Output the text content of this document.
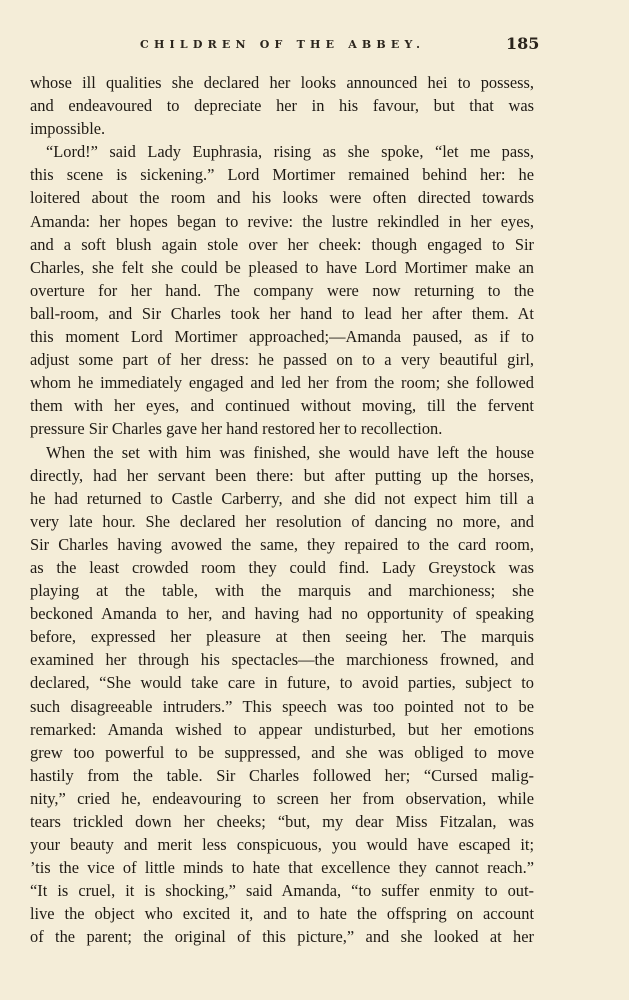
CHILDREN OF THE ABBEY.	185
whose ill qualities she declared her looks announced hei to possess,
and endeavoured to depreciate her in his favour, but that was
impossible.
“Lord!” said Lady Euphrasia, rising as she spoke, “let me pass,
this scene is sickening.” Lord Mortimer remained behind her: he
loitered about the room and his looks were often directed towards
Amanda: her hopes began to revive: the lustre rekindled in her eyes,
and a soft blush again stole over her cheek: though engaged to Sir
Charles, she felt she could be pleased to have Lord Mortimer make an
overture for her hand. The company were now returning to the
ball-room, and Sir Charles took her hand to lead her after them. At
this moment Lord Mortimer approached;—Amanda paused, as if to
adjust some part of her dress: he passed on to a very beautiful girl,
whom he immediately engaged and led her from the room; she followed
them with her eyes, and continued without moving, till the fervent
pressure Sir Charles gave her hand restored her to recollection.
When the set with him was finished, she would have left the house
directly, had her servant been there: but after putting up the horses,
he had returned to Castle Carberry, and she did not expect him till a
very late hour. She declared her resolution of dancing no more, and
Sir Charles having avowed the same, they repaired to the card room,
as the least crowded room they could find. Lady Greystock was
playing at the table, with the marquis and marchioness; she
beckoned Amanda to her, and having had no opportunity of speaking
before, expressed her pleasure at then seeing her. The marquis
examined her through his spectacles—the marchioness frowned, and
declared, “She would take care in future, to avoid parties, subject to
such disagreeable intruders.” This speech was too pointed not to be
remarked: Amanda wished to appear undisturbed, but her emotions
grew too powerful to be suppressed, and she was obliged to move
hastily from the table. Sir Charles followed her; “Cursed malig-
nity,” cried he, endeavouring to screen her from observation, while
tears trickled down her cheeks; “but, my dear Miss Fitzalan, was
your beauty and merit less conspicuous, you would have escaped it;
’tis the vice of little minds to hate that excellence they cannot reach.”
“It is cruel, it is shocking,” said Amanda, “to suffer enmity to out-
live the object who excited it, and to hate the offspring on account
of the parent; the original of this picture,” and she looked at her
